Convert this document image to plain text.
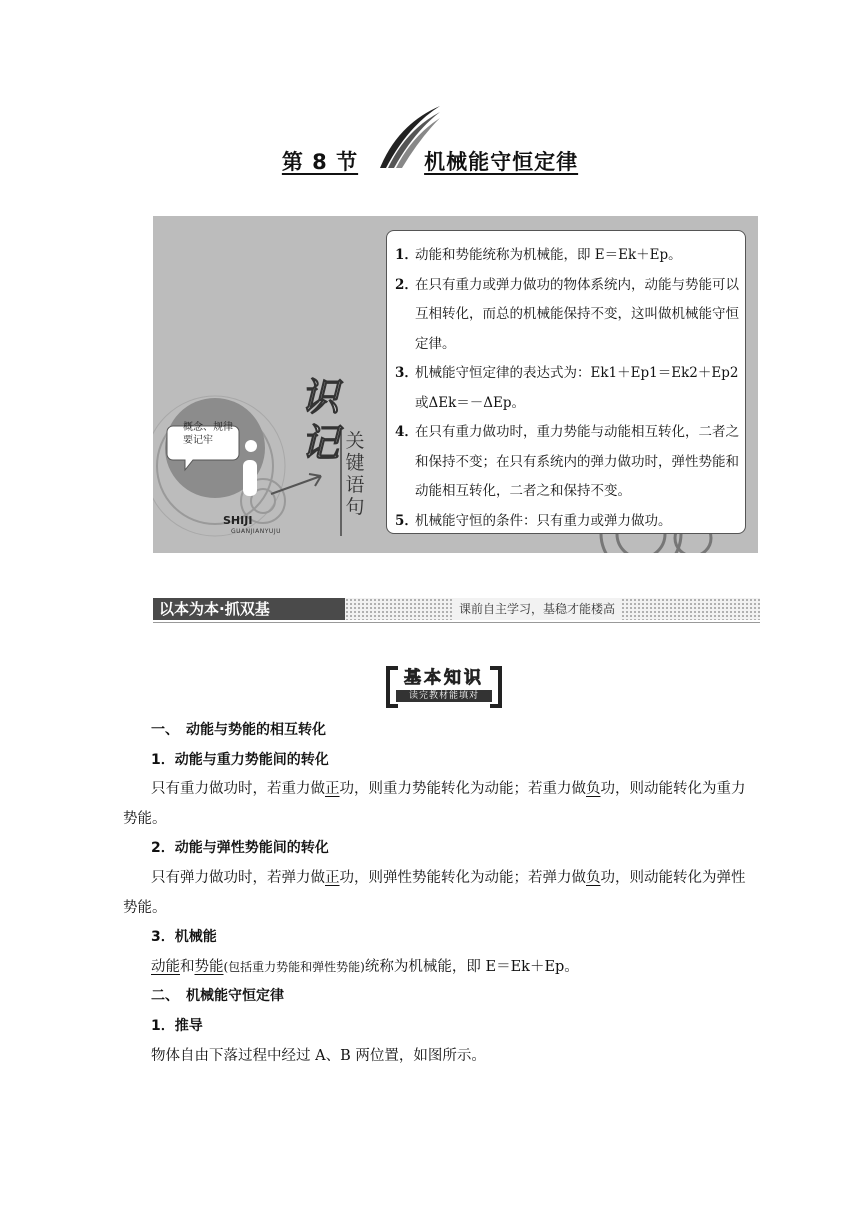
第 8 节	机械能守恒定律
识
记 关键语句
概念、规律
要记牢
SHIJI
GUANJIANYUJU
1．
动能和势能统称为机械能，即 E＝Ek＋Ep。
2．
在只有重力或弹力做功的物体系统内，动能与势能可以互相转化，而总的机械能保持不变，这叫做机械能守恒定律。
3．
机械能守恒定律的表达式为：Ek1＋Ep1＝Ek2＋Ep2或ΔEk＝－ΔEp。
4．
在只有重力做功时，重力势能与动能相互转化，二者之和保持不变；在只有系统内的弹力做功时，弹性势能和动能相互转化，二者之和保持不变。
5．
机械能守恒的条件：只有重力或弹力做功。
以本为本·抓双基	课前自主学习，基稳才能楼高
基本知识
读完教材能填对
一、　动能与势能的相互转化
1．动能与重力势能间的转化
只有重力做功时，若重力做正功，则重力势能转化为动能；若重力做负功，则动能转化为重力势能。
2．动能与弹性势能间的转化
只有弹力做功时，若弹力做正功，则弹性势能转化为动能；若弹力做负功，则动能转化为弹性势能。
3．机械能
动能和势能(包括重力势能和弹性势能)统称为机械能，即 E＝Ek＋Ep。
二、　机械能守恒定律
1．推导
物体自由下落过程中经过 A、B 两位置，如图所示。
